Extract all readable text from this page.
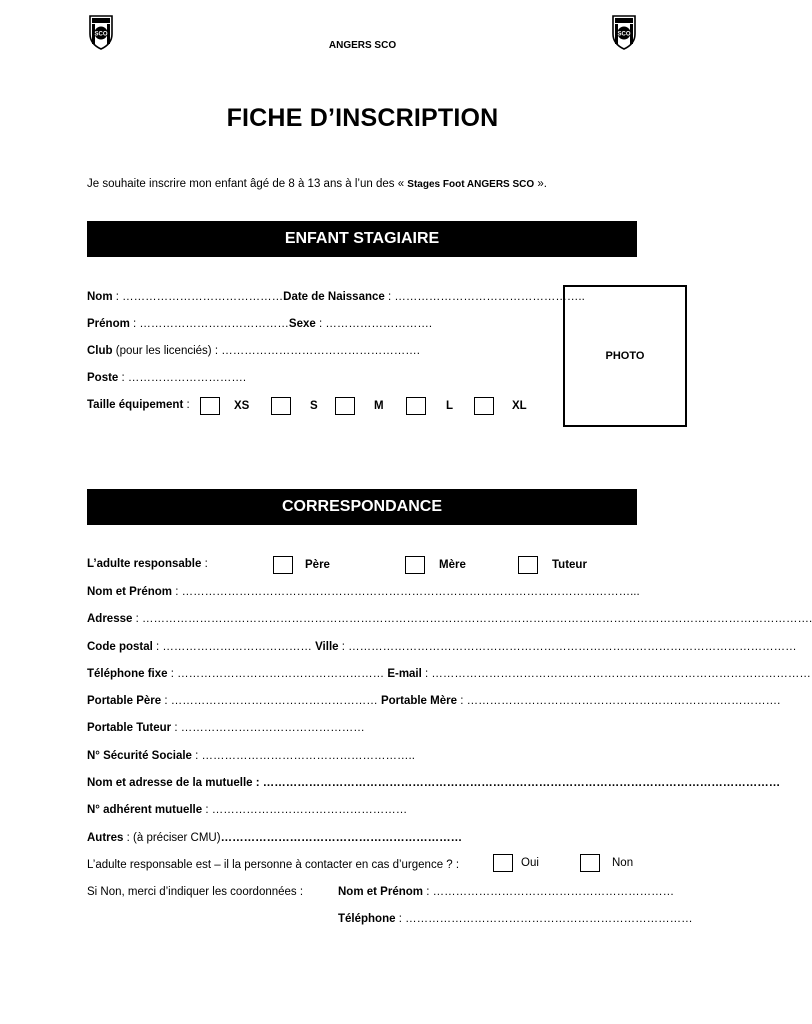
SCO	SCO
ANGERS SCO
FICHE D’INSCRIPTION
Je souhaite inscrire mon enfant âgé de 8 à 13 ans à l’un des « Stages Foot ANGERS SCO ».
ENFANT STAGIAIRE
Nom : ……………………………………Date de Naissance : …………………………………………..
Prénom : …………………………………Sexe : ……………………….
Club (pour les licenciés) : …………………………………………….
Poste : ………………………….
Taille équipement :	XS	S	M	L	XL
PHOTO
CORRESPONDANCE
L’adulte responsable :	Père	Mère	Tuteur
Nom et Prénom : ………………………………………………………………………………………………………...
Adresse : ………………………………………………………………………………………………………………………………………………………….
Code postal : ………………………………… Ville : ………………………………………………………………………………………………………
Téléphone fixe : ……………………………………………… E-mail : ………………………………………………………………………………………
Portable Père : ……………………………………………… Portable Mère : ……………………………………………………………………….
Portable Tuteur : …………………………………………
N° Sécurité Sociale : ………………………………………………..
Nom et adresse de la mutuelle : ………………………………………………………………………………………………………………………
N° adhérent mutuelle : ……………………………………………
Autres : (à préciser CMU)………………………………………………………
L’adulte responsable est – il la personne à contacter en cas d’urgence ? :	Oui	Non
Si Non, merci d’indiquer les coordonnées :	Nom et Prénom : ………………………………………………………
Téléphone : …………………………………………………………………
